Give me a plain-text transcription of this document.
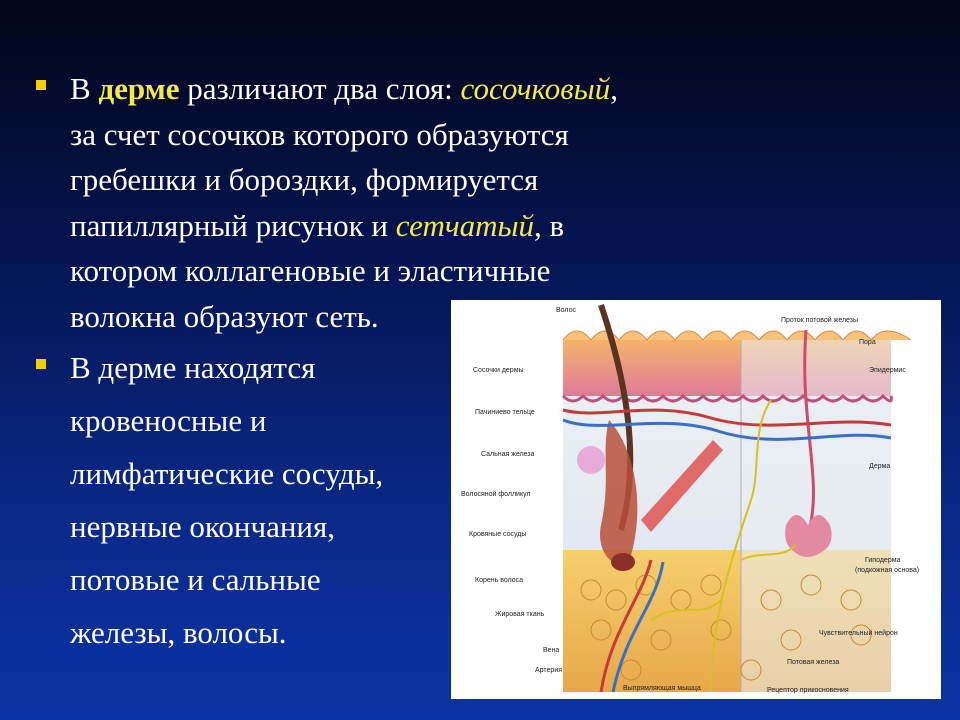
В дерме различают два слоя: сосочковый,
за счет сосочков которого образуются
гребешки и бороздки, формируется
папиллярный рисунок и сетчатый, в
котором коллагеновые и эластичные
волокна образуют сеть.
В дерме находятся
кровеносные и
лимфатические сосуды,
нервные окончания,
потовые и сальные
железы, волосы.
Волос
Сосочки дермы
Пачиниево тельце
Сальная железа
Волосяной фолликул
Кровяные сосуды
Корень волоса
Жировая ткань
Вена
Артерия
Проток потовой железы
Пора
Эпидермис
Дерма
Гиподерма
(подкожная основа)
Чувствительный нейрон
Потовая железа
Рецептор прикосновения
Выпрямляющая мышца
